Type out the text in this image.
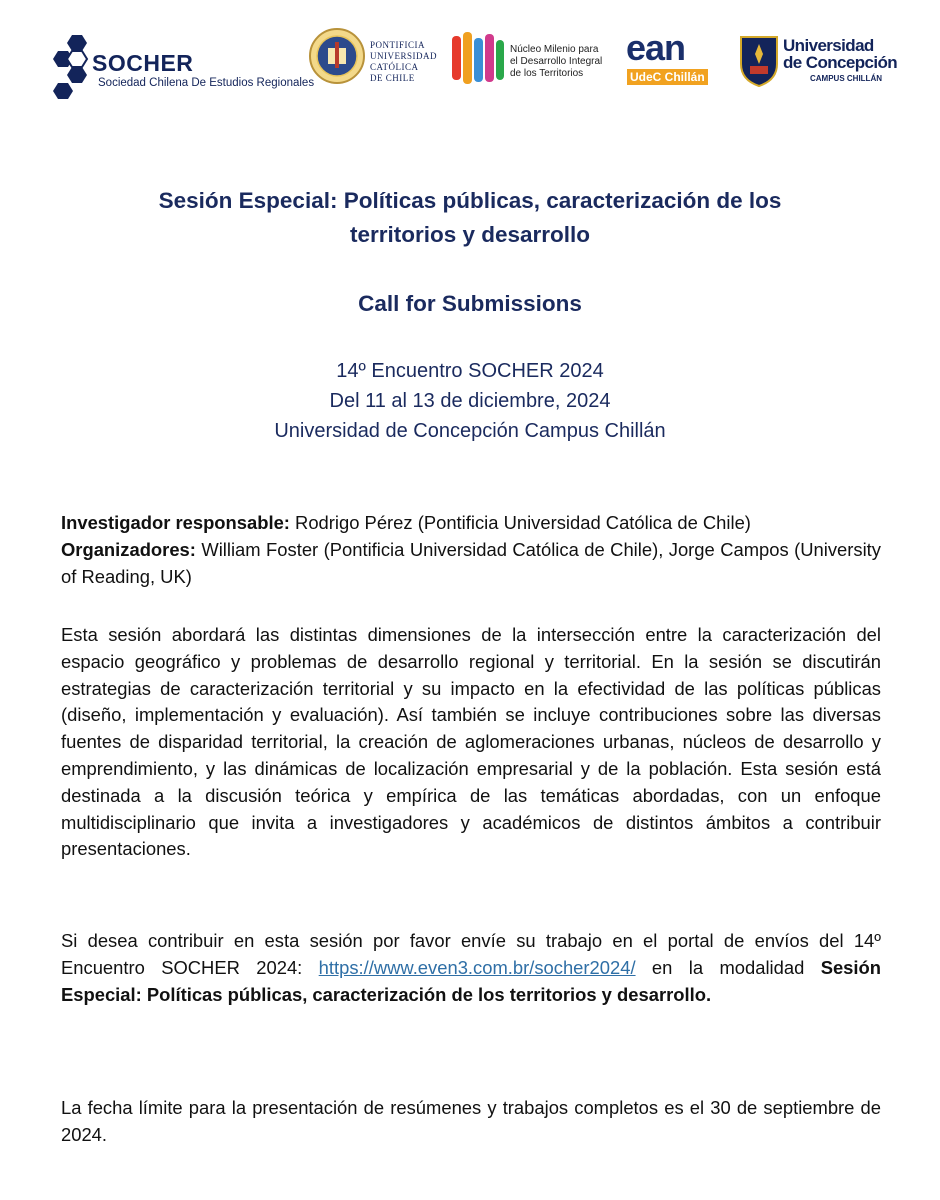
SOCHER
Sociedad Chilena De Estudios Regionales
PONTIFICIA
UNIVERSIDAD
CATÓLICA
DE CHILE
Núcleo Milenio para
el Desarrollo Integral
de los Territorios
ean
UdeC Chillán
Universidad
de Concepción
CAMPUS CHILLÁN
Sesión Especial: Políticas públicas, caracterización de los
territorios y desarrollo
Call for Submissions
14º Encuentro SOCHER 2024
Del 11 al 13 de diciembre, 2024
Universidad de Concepción Campus Chillán
Investigador responsable: Rodrigo Pérez (Pontificia Universidad Católica de Chile)
Organizadores: William Foster (Pontificia Universidad Católica de Chile), Jorge Campos (University of Reading, UK)
Esta sesión abordará las distintas dimensiones de la intersección entre la caracterización del espacio geográfico y problemas de desarrollo regional y territorial. En la sesión se discutirán estrategias de caracterización territorial y su impacto en la efectividad de las políticas públicas (diseño, implementación y evaluación). Así también se incluye contribuciones sobre las diversas fuentes de disparidad territorial, la creación de aglomeraciones urbanas, núcleos de desarrollo y emprendimiento, y las dinámicas de localización empresarial y de la población. Esta sesión está destinada a la discusión teórica y empírica de las temáticas abordadas, con un enfoque multidisciplinario que invita a investigadores y académicos de distintos ámbitos a contribuir presentaciones.
Si desea contribuir en esta sesión por favor envíe su trabajo en el portal de envíos del 14º Encuentro SOCHER 2024: https://www.even3.com.br/socher2024/ en la modalidad Sesión Especial: Políticas públicas, caracterización de los territorios y desarrollo.
La fecha límite para la presentación de resúmenes y trabajos completos es el 30 de septiembre de 2024.
